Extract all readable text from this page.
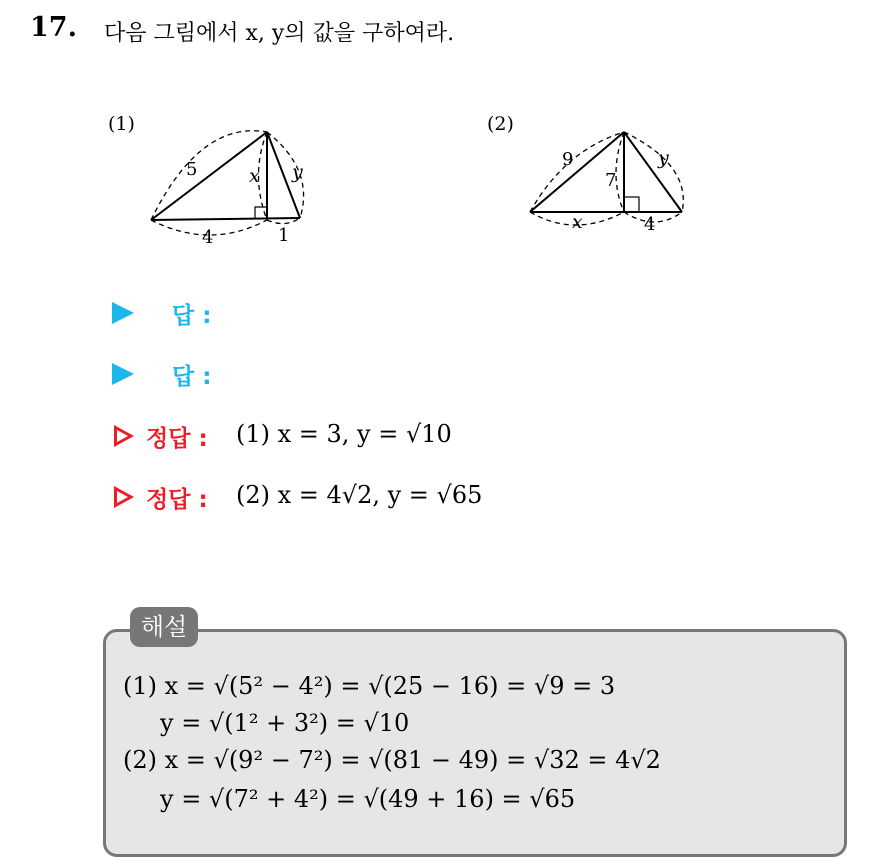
17. 다음 그림에서 x, y의 값을 구하여라.
(1)
5
4	1
x y
(2)
9
7
4
x
y
답 :
답 :
정답 : (1) x = 3, y = √10
정답 : (2) x = 4√2, y = √65
해설
(1) x = √(5² − 4²) = √(25 − 16) = √9 = 3
y = √(1² + 3²) = √10
(2) x = √(9² − 7²) = √(81 − 49) = √32 = 4√2
y = √(7² + 4²) = √(49 + 16) = √65
